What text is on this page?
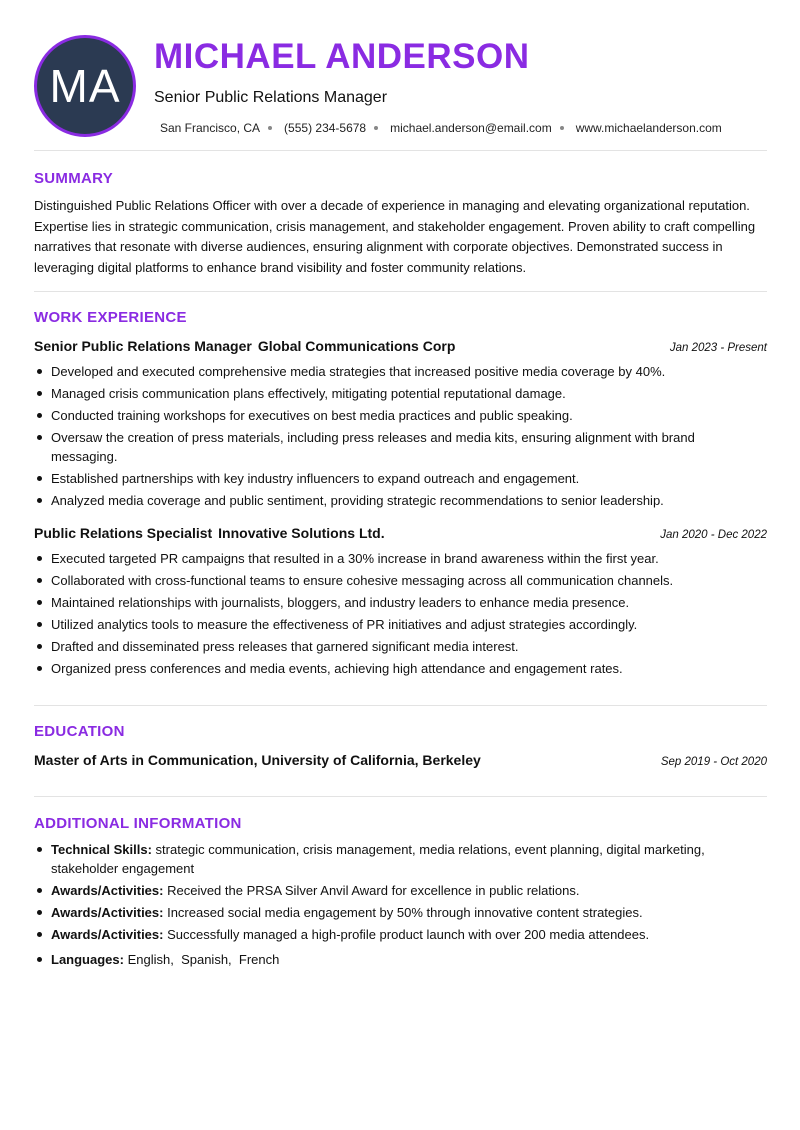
MA
MICHAEL ANDERSON
Senior Public Relations Manager
San Francisco, CA (555) 234-5678 michael.anderson@email.com www.michaelanderson.com
SUMMARY
Distinguished Public Relations Officer with over a decade of experience in managing and elevating organizational reputation. Expertise lies in strategic communication, crisis management, and stakeholder engagement. Proven ability to craft compelling narratives that resonate with diverse audiences, ensuring alignment with corporate objectives. Demonstrated success in leveraging digital platforms to enhance brand visibility and foster community relations.
WORK EXPERIENCE
Senior Public Relations Manager Global Communications Corp	Jan 2023 - Present
Developed and executed comprehensive media strategies that increased positive media coverage by 40%.
Managed crisis communication plans effectively, mitigating potential reputational damage.
Conducted training workshops for executives on best media practices and public speaking.
Oversaw the creation of press materials, including press releases and media kits, ensuring alignment with brand messaging.
Established partnerships with key industry influencers to expand outreach and engagement.
Analyzed media coverage and public sentiment, providing strategic recommendations to senior leadership.
Public Relations Specialist Innovative Solutions Ltd.	Jan 2020 - Dec 2022
Executed targeted PR campaigns that resulted in a 30% increase in brand awareness within the first year.
Collaborated with cross-functional teams to ensure cohesive messaging across all communication channels.
Maintained relationships with journalists, bloggers, and industry leaders to enhance media presence.
Utilized analytics tools to measure the effectiveness of PR initiatives and adjust strategies accordingly.
Drafted and disseminated press releases that garnered significant media interest.
Organized press conferences and media events, achieving high attendance and engagement rates.
EDUCATION
Master of Arts in Communication, University of California, Berkeley	Sep 2019 - Oct 2020
ADDITIONAL INFORMATION
Technical Skills: strategic communication, crisis management, media relations, event planning, digital marketing, stakeholder engagement
Awards/Activities: Received the PRSA Silver Anvil Award for excellence in public relations.
Awards/Activities: Increased social media engagement by 50% through innovative content strategies.
Awards/Activities: Successfully managed a high-profile product launch with over 200 media attendees.
Languages: English,  Spanish,  French
